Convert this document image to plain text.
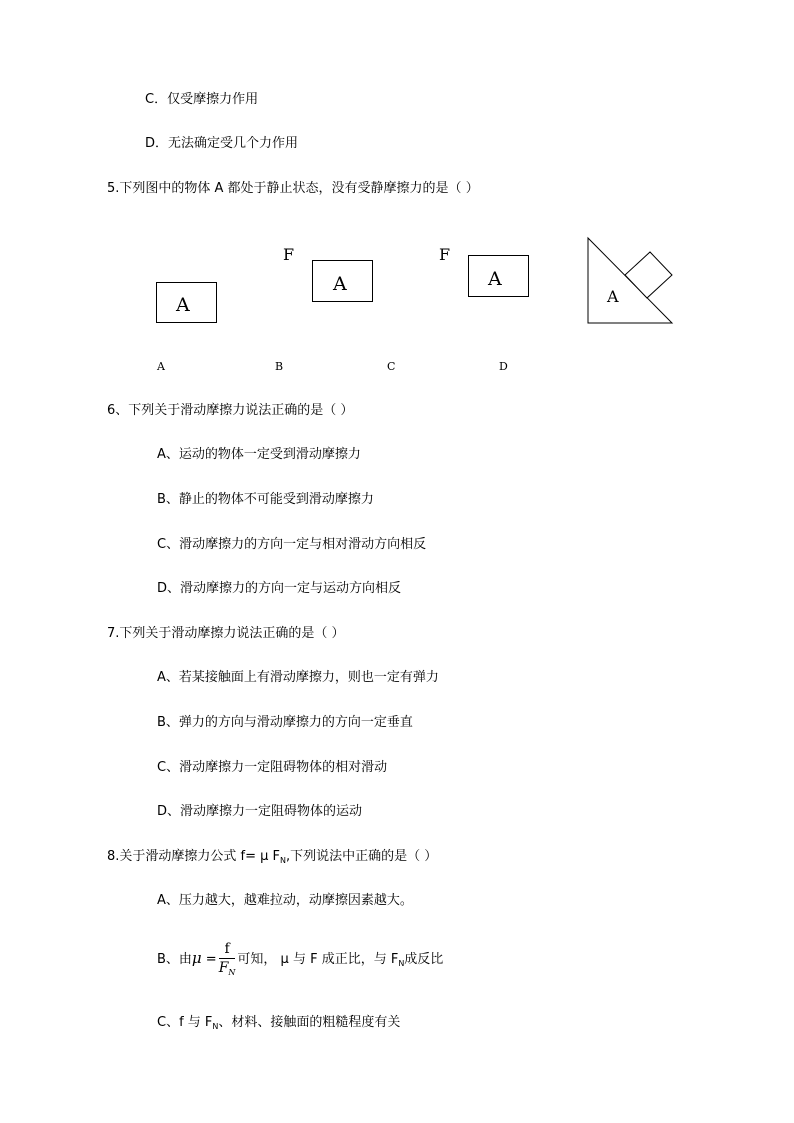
C．仅受摩擦力作用
D．无法确定受几个力作用
5.下列图中的物体 A 都处于静止状态，没有受静摩擦力的是（ ）
A
F
A
F
A
A
A	B	C	D
6、下列关于滑动摩擦力说法正确的是（ ）
A、运动的物体一定受到滑动摩擦力
B、静止的物体不可能受到滑动摩擦力
C、滑动摩擦力的方向一定与相对滑动方向相反
D、滑动摩擦力的方向一定与运动方向相反
7.下列关于滑动摩擦力说法正确的是（ ）
A、若某接触面上有滑动摩擦力，则也一定有弹力
B、弹力的方向与滑动摩擦力的方向一定垂直
C、滑动摩擦力一定阻碍物体的相对滑动
D、滑动摩擦力一定阻碍物体的运动
8.关于滑动摩擦力公式 f= μ $F_N$,下列说法中正确的是（ ）
A、压力越大，越难拉动，动摩擦因素越大。
B、由$\mu = \frac{f}{F_N}$ 可知， μ 与 F 成正比，与 $F_N$成反比
C、f 与 $F_N$、材料、接触面的粗糙程度有关
